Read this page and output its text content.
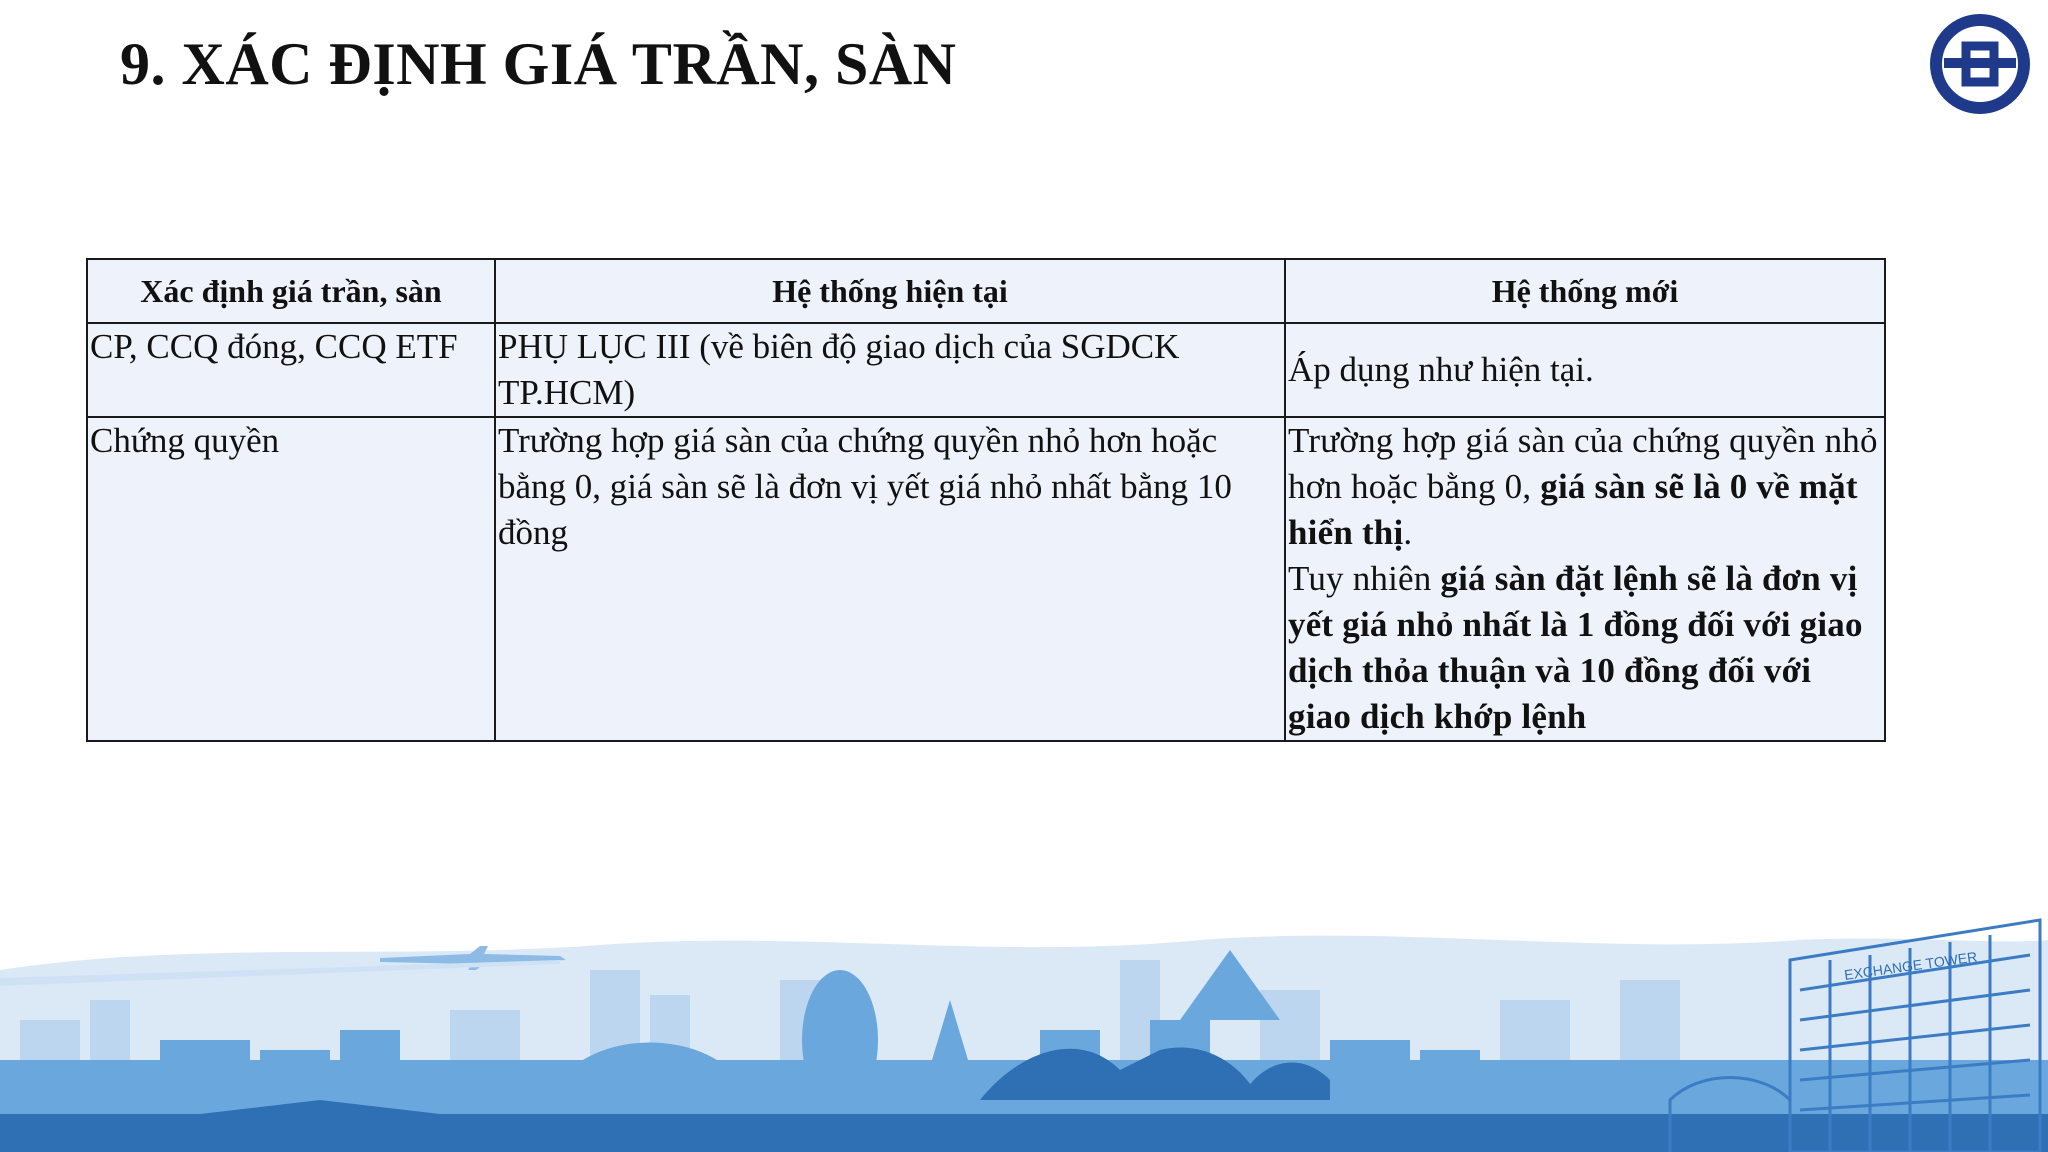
9. XÁC ĐỊNH GIÁ TRẦN, SÀN
Xác định giá trần, sàn	Hệ thống hiện tại	Hệ thống mới
CP, CCQ đóng, CCQ ETF	PHỤ LỤC III (về biên độ giao dịch của SGDCK TP.HCM)	Áp dụng như hiện tại.
Chứng quyền	Trường hợp giá sàn của chứng quyền nhỏ hơn hoặc bằng 0, giá sàn sẽ là đơn vị yết giá nhỏ nhất bằng 10 đồng	Trường hợp giá sàn của chứng quyền nhỏ hơn hoặc bằng 0, giá sàn sẽ là 0 về mặt hiển thị.
Tuy nhiên giá sàn đặt lệnh sẽ là đơn vị yết giá nhỏ nhất là 1 đồng đối với giao dịch thỏa thuận và 10 đồng đối với giao dịch khớp lệnh
EXCHANGE TOWER
